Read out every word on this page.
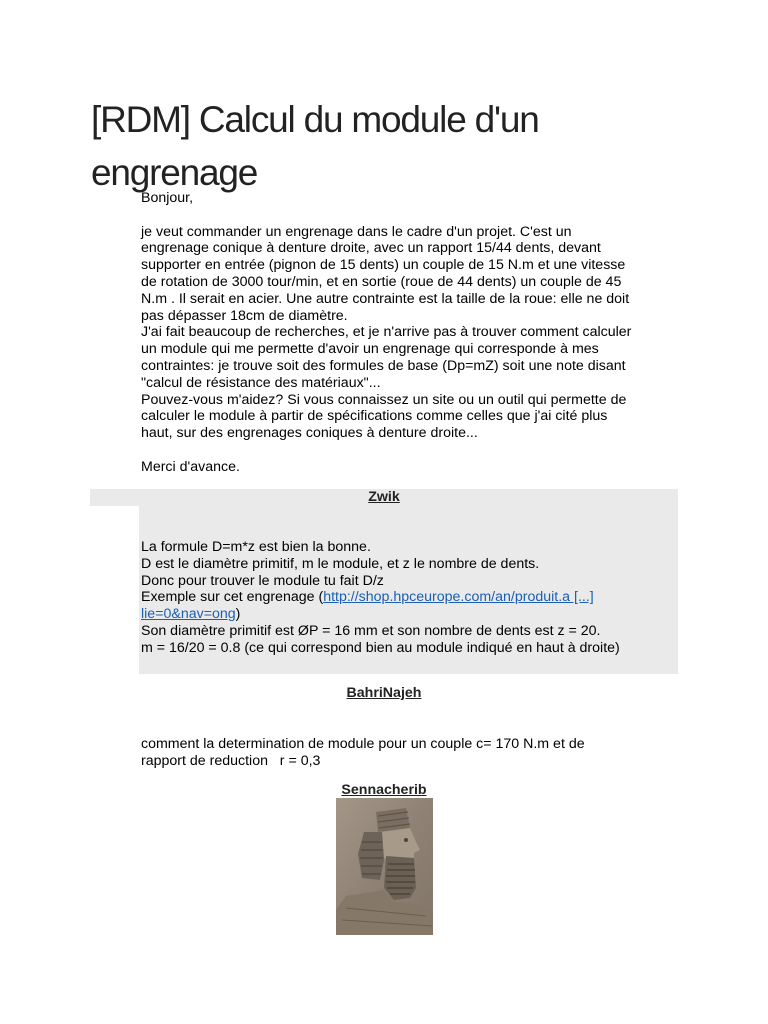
[RDM] Calcul du module d'un
engrenage

Bonjour,

je veut commander un engrenage dans le cadre d'un projet. C'est un

engrenage conique à denture droite, avec un rapport 15/44 dents, devant

supporter en entrée (pignon de 15 dents) un couple de 15 N.m et une vitesse

de rotation de 3000 tour/min, et en sortie (roue de 44 dents) un couple de 45

N.m . Il serait en acier. Une autre contrainte est la taille de la roue: elle ne doit

pas dépasser 18cm de diamètre.

J'ai fait beaucoup de recherches, et je n'arrive pas à trouver comment calculer

un module qui me permette d'avoir un engrenage qui corresponde à mes

contraintes: je trouve soit des formules de base (Dp=mZ) soit une note disant

"calcul de résistance des matériaux"...

Pouvez-vous m'aidez? Si vous connaissez un site ou un outil qui permette de

calculer le module à partir de spécifications comme celles que j'ai cité plus

haut, sur des engrenages coniques à denture droite...

Merci d'avance.

Zwik

La formule D=m*z est bien la bonne.

D est le diamètre primitif, m le module, et z le nombre de dents.

Donc pour trouver le module tu fait D/z

Exemple sur cet engrenage (http://shop.hpceurope.com/an/produit.a [...]

lie=0&nav=ong)

Son diamètre primitif est ØP = 16 mm et son nombre de dents est z = 20.

m = 16/20 = 0.8 (ce qui correspond bien au module indiqué en haut à droite)

BahriNajeh

comment la determination de module pour un couple c= 170 N.m et de

rapport de reduction   r = 0,3

Sennacherib
